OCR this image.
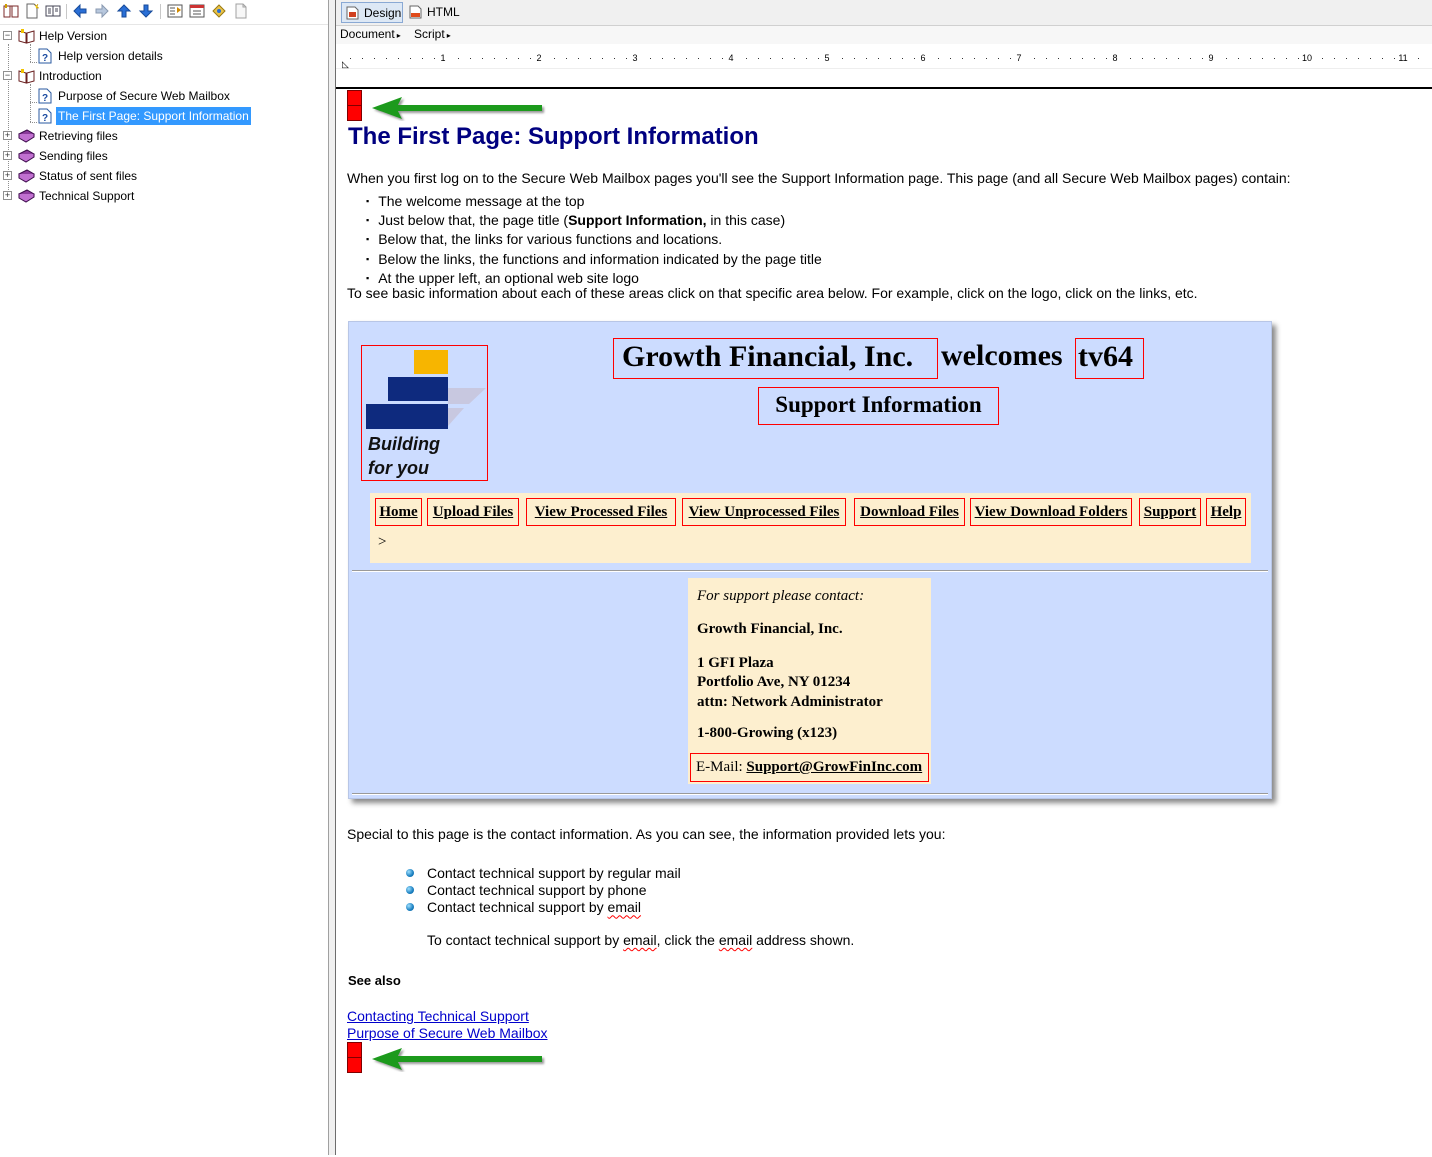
− Help Version
? Help version details
− Introduction
? Purpose of Secure Web Mailbox
? The First Page: Support Information
+ Retrieving files
+ Sending files
+ Status of sent files
+ Technical Support
Design	HTML
Document ▸ Script ▸
◺
1	2	3	4	5	6	7	8	9	10	11
The First Page: Support Information
When you first log on to the Secure Web Mailbox pages you'll see the Support Information page. This page (and all Secure Web Mailbox pages) contain:
▪ The welcome message at the top
▪ Just below that, the page title (Support Information, in this case)
▪ Below that, the links for various functions and locations.
▪ Below the links, the functions and information indicated by the page title
▪ At the upper left, an optional web site logo
To see basic information about each of these areas click on that specific area below. For example, click on the logo, click on the links, etc.
Building
for you
Growth Financial, Inc. welcomes tv64
Support Information
Home	Upload Files	View Processed Files	View Unprocessed Files	Download Files	View Download Folders	Support Help
>
For support please contact:
Growth Financial, Inc.
1 GFI Plaza
Portfolio Ave, NY 01234
attn: Network Administrator
1-800-Growing (x123)
E-Mail: Support@GrowFinInc.com
Special to this page is the contact information. As you can see, the information provided lets you:
Contact technical support by regular mail
Contact technical support by phone
Contact technical support by email
To contact technical support by email, click the email address shown.
See also
Contacting Technical Support
Purpose of Secure Web Mailbox
